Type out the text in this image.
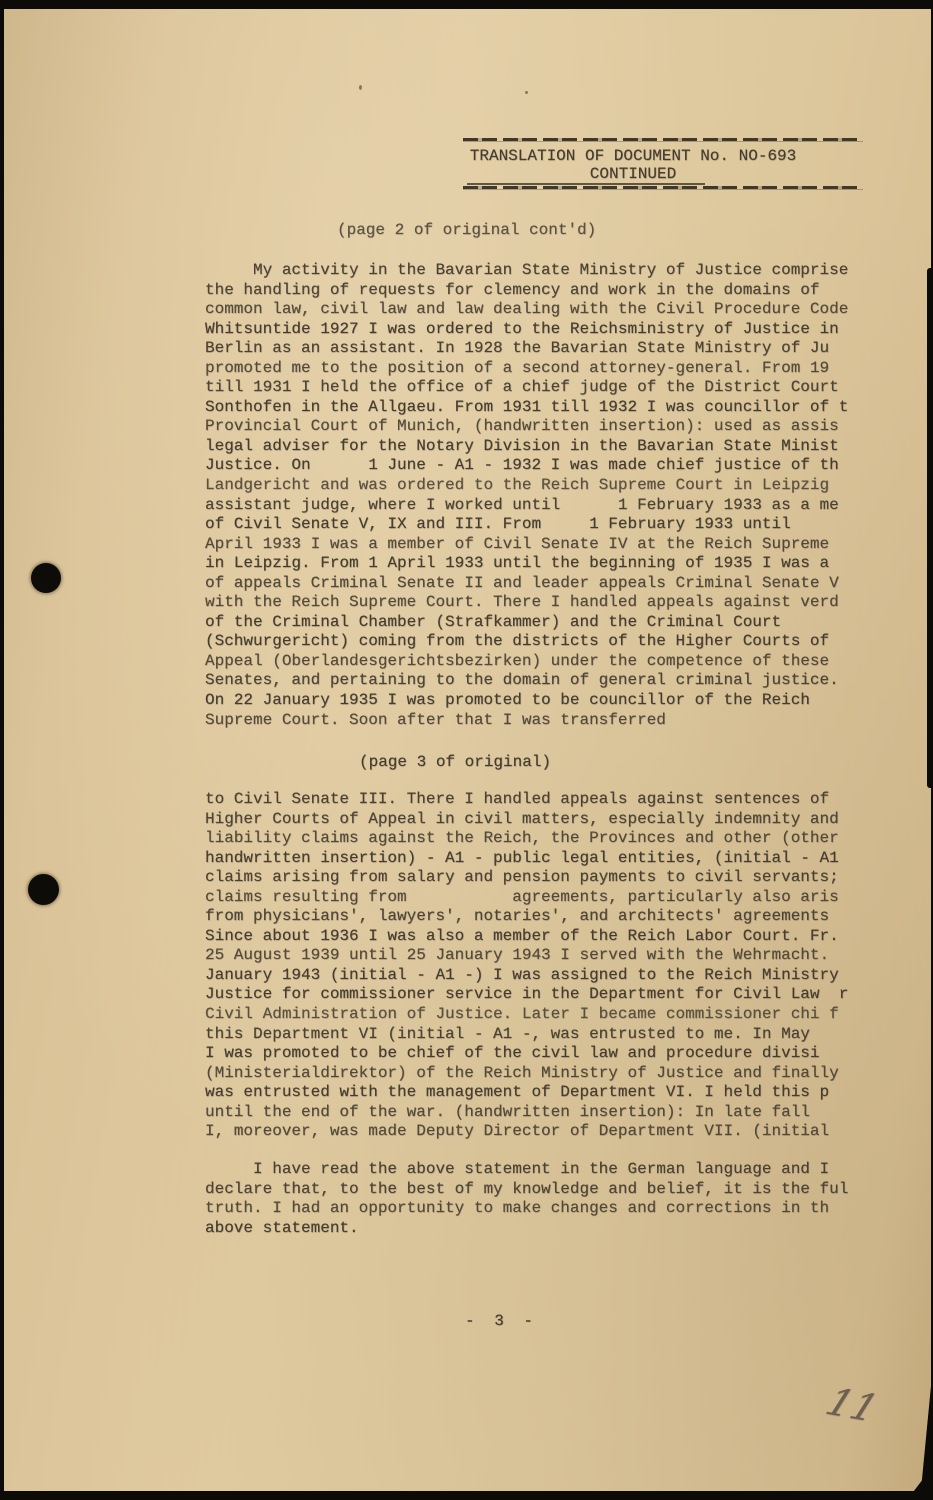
TRANSLATION OF DOCUMENT No. NO-693
CONTINUED
(page 2 of original cont'd)
My activity in the Bavarian State Ministry of Justice comprise
the handling of requests for clemency and work in the domains of
common law, civil law and law dealing with the Civil Procedure Code
Whitsuntide 1927 I was ordered to the Reichsministry of Justice in
Berlin as an assistant. In 1928 the Bavarian State Ministry of Ju
promoted me to the position of a second attorney-general. From 19
till 1931 I held the office of a chief judge of the District Court
Sonthofen in the Allgaeu. From 1931 till 1932 I was councillor of t
Provincial Court of Munich, (handwritten insertion): used as assis
legal adviser for the Notary Division in the Bavarian State Minist
Justice. On      1 June - A1 - 1932 I was made chief justice of th
Landgericht and was ordered to the Reich Supreme Court in Leipzig
assistant judge, where I worked until      1 February 1933 as a me
of Civil Senate V, IX and III. From     1 February 1933 until
April 1933 I was a member of Civil Senate IV at the Reich Supreme
in Leipzig. From 1 April 1933 until the beginning of 1935 I was a
of appeals Criminal Senate II and leader appeals Criminal Senate V
with the Reich Supreme Court. There I handled appeals against verd
of the Criminal Chamber (Strafkammer) and the Criminal Court
(Schwurgericht) coming from the districts of the Higher Courts of
Appeal (Oberlandesgerichtsbezirken) under the competence of these
Senates, and pertaining to the domain of general criminal justice.
On 22 January 1935 I was promoted to be councillor of the Reich
Supreme Court. Soon after that I was transferred
(page 3 of original)
to Civil Senate III. There I handled appeals against sentences of
Higher Courts of Appeal in civil matters, especially indemnity and
liability claims against the Reich, the Provinces and other (other
handwritten insertion) - A1 - public legal entities, (initial - A1
claims arising from salary and pension payments to civil servants;
claims resulting from           agreements, particularly also aris
from physicians', lawyers', notaries', and architects' agreements
Since about 1936 I was also a member of the Reich Labor Court. Fr.
25 August 1939 until 25 January 1943 I served with the Wehrmacht.
January 1943 (initial - A1 -) I was assigned to the Reich Ministry
Justice for commissioner service in the Department for Civil Law  r
Civil Administration of Justice. Later I became commissioner chi f
this Department VI (initial - A1 -, was entrusted to me. In May
I was promoted to be chief of the civil law and procedure divisi
(Ministerialdirektor) of the Reich Ministry of Justice and finally
was entrusted with the management of Department VI. I held this p
until the end of the war. (handwritten insertion): In late fall
I, moreover, was made Deputy Director of Department VII. (initial
I have read the above statement in the German language and I
declare that, to the best of my knowledge and belief, it is the ful
truth. I had an opportunity to make changes and corrections in th
above statement.
- 3 -
11
